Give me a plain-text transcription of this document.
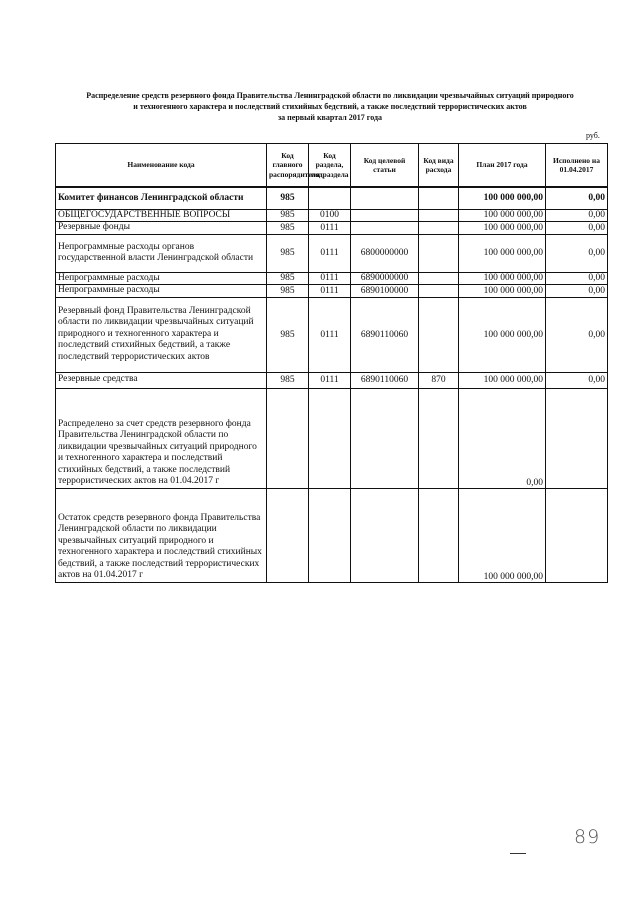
Распределение средств резервного фонда Правительства Ленинградской области по ликвидации чрезвычайных ситуаций природного
и техногенного характера и последствий стихийных бедствий, а также последствий террористических актов
за первый квартал 2017 года
руб.
Наименование кода	Код главного распорядителя	Код раздела, подраздела	Код целевой статьи	Код вида расхода	План 2017 года	Исполнено на 01.04.2017
Комитет финансов Ленинградской области	985				100 000 000,00	0,00
ОБЩЕГОСУДАРСТВЕННЫЕ ВОПРОСЫ	985	0100			100 000 000,00	0,00
Резервные фонды	985	0111			100 000 000,00	0,00
Непрограммные расходы органов государственной власти Ленинградской области	985	0111	6800000000		100 000 000,00	0,00
Непрограммные расходы	985	0111	6890000000		100 000 000,00	0,00
Непрограммные расходы	985	0111	6890100000		100 000 000,00	0,00
Резервный фонд Правительства Ленинградской области по ликвидации чрезвычайных ситуаций природного и техногенного характера и последствий стихийных бедствий, а также последствий террористических актов	985	0111	6890110060		100 000 000,00	0,00
Резервные средства	985	0111	6890110060	870	100 000 000,00	0,00
Распределено за счет средств резервного фонда Правительства Ленинградской области по ликвидации чрезвычайных ситуаций природного и техногенного характера и последствий стихийных бедствий, а также последствий террористических актов на 01.04.2017 г					0,00	
Остаток средств резервного фонда Правительства Ленинградской области по ликвидации чрезвычайных ситуаций природного и техногенного характера и последствий стихийных бедствий, а также последствий террористических актов на 01.04.2017 г					100 000 000,00	
89
